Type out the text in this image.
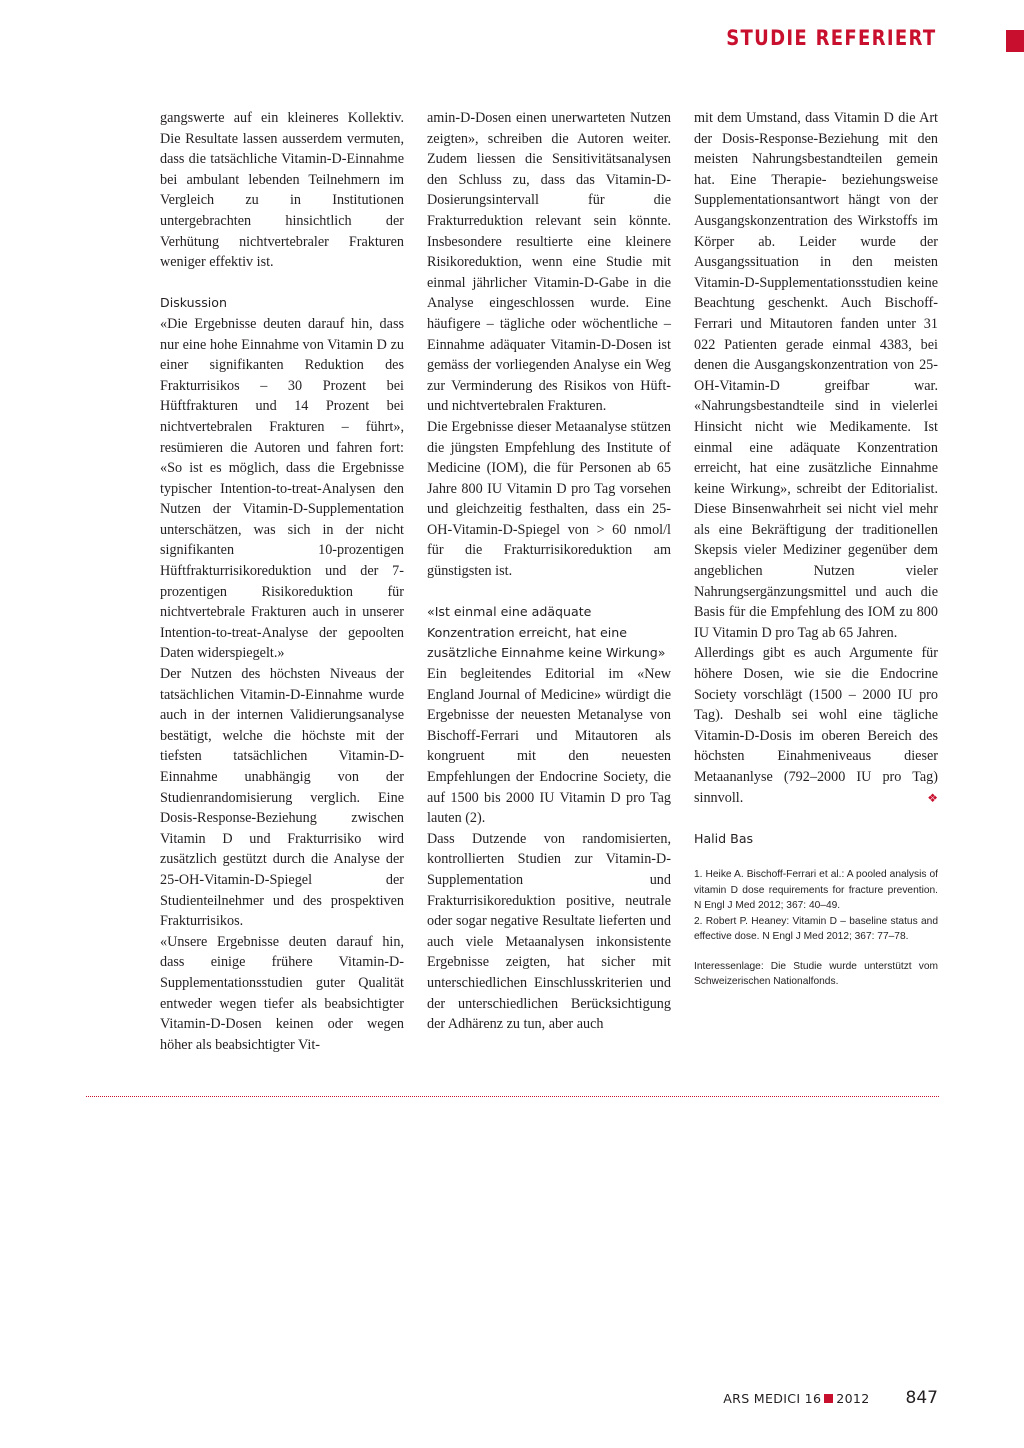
STUDIE REFERIERT

gangswerte auf ein kleineres Kollektiv. Die Resultate lassen ausserdem vermuten, dass die tatsächliche Vitamin-D-Einnahme bei ambulant lebenden Teilnehmern im Vergleich zu in Institutionen untergebrachten hinsichtlich der Verhütung nichtvertebraler Frakturen weniger effektiv ist.

Diskussion

«Die Ergebnisse deuten darauf hin, dass nur eine hohe Einnahme von Vitamin D zu einer signifikanten Reduktion des Frakturrisikos – 30 Prozent bei Hüftfrakturen und 14 Prozent bei nichtvertebralen Frakturen – führt», resümieren die Autoren und fahren fort: «So ist es möglich, dass die Ergebnisse typischer Intention-to-treat-Analysen den Nutzen der Vitamin-D-Supplementation unterschätzen, was sich in der nicht signifikanten 10-prozentigen Hüftfrakturrisikoreduktion und der 7-prozentigen Risikoreduktion für nichtvertebrale Frakturen auch in unserer Intention-to-treat-Analyse der gepoolten Daten widerspiegelt.»

Der Nutzen des höchsten Niveaus der tatsächlichen Vitamin-D-Einnahme wurde auch in der internen Validierungsanalyse bestätigt, welche die höchste mit der tiefsten tatsächlichen Vitamin-D-Einnahme unabhängig von der Studienrandomisierung verglich. Eine Dosis-Response-Beziehung zwischen Vitamin D und Frakturrisiko wird zusätzlich gestützt durch die Analyse der 25-OH-Vitamin-D-Spiegel der Studienteilnehmer und des prospektiven Frakturrisikos.

«Unsere Ergebnisse deuten darauf hin, dass einige frühere Vitamin-D-Supplementationsstudien guter Qualität entweder wegen tiefer als beabsichtigter Vitamin-D-Dosen keinen oder wegen höher als beabsichtigter Vit-

amin-D-Dosen einen unerwarteten Nutzen zeigten», schreiben die Autoren weiter. Zudem liessen die Sensitivitätsanalysen den Schluss zu, dass das Vitamin-D-Dosierungsintervall für die Frakturreduktion relevant sein könnte. Insbesondere resultierte eine kleinere Risikoreduktion, wenn eine Studie mit einmal jährlicher Vitamin-D-Gabe in die Analyse eingeschlossen wurde. Eine häufigere – tägliche oder wöchentliche – Einnahme adäquater Vitamin-D-Dosen ist gemäss der vorliegenden Analyse ein Weg zur Verminderung des Risikos von Hüft- und nichtvertebralen Frakturen.

Die Ergebnisse dieser Metaanalyse stützen die jüngsten Empfehlung des Institute of Medicine (IOM), die für Personen ab 65 Jahre 800 IU Vitamin D pro Tag vorsehen und gleichzeitig festhalten, dass ein 25-OH-Vitamin-D-Spiegel von > 60 nmol/l für die Frakturrisikoreduktion am günstigsten ist.

«Ist einmal eine adäquate Konzentration erreicht, hat eine zusätzliche Einnahme keine Wirkung»

Ein begleitendes Editorial im «New England Journal of Medicine» würdigt die Ergebnisse der neuesten Metanalyse von Bischoff-Ferrari und Mitautoren als kongruent mit den neuesten Empfehlungen der Endocrine Society, die auf 1500 bis 2000 IU Vitamin D pro Tag lauten (2).

Dass Dutzende von randomisierten, kontrollierten Studien zur Vitamin-D-Supplementation und Frakturrisikoreduktion positive, neutrale oder sogar negative Resultate lieferten und auch viele Metaanalysen inkonsistente Ergebnisse zeigten, hat sicher mit unterschiedlichen Einschlusskriterien und der unterschiedlichen Berücksichtigung der Adhärenz zu tun, aber auch

mit dem Umstand, dass Vitamin D die Art der Dosis-Response-Beziehung mit den meisten Nahrungsbestandteilen gemein hat. Eine Therapie- beziehungsweise Supplementationsantwort hängt von der Ausgangskonzentration des Wirkstoffs im Körper ab. Leider wurde der Ausgangssituation in den meisten Vitamin-D-Supplementationsstudien keine Beachtung geschenkt. Auch Bischoff-Ferrari und Mitautoren fanden unter 31 022 Patienten gerade einmal 4383, bei denen die Ausgangskonzentration von 25-OH-Vitamin-D greifbar war. «Nahrungsbestandteile sind in vielerlei Hinsicht nicht wie Medikamente. Ist einmal eine adäquate Konzentration erreicht, hat eine zusätzliche Einnahme keine Wirkung», schreibt der Editorialist. Diese Binsenwahrheit sei nicht viel mehr als eine Bekräftigung der traditionellen Skepsis vieler Mediziner gegenüber dem angeblichen Nutzen vieler Nahrungsergänzungsmittel und auch die Basis für die Empfehlung des IOM zu 800 IU Vitamin D pro Tag ab 65 Jahren.

Allerdings gibt es auch Argumente für höhere Dosen, wie sie die Endocrine Society vorschlägt (1500 – 2000 IU pro Tag). Deshalb sei wohl eine tägliche Vitamin-D-Dosis im oberen Bereich des höchsten Einahmeniveaus dieser Metaananlyse (792–2000 IU pro Tag) sinnvoll.	❖

Halid Bas

1. Heike A. Bischoff-Ferrari et al.: A pooled analysis of vitamin D dose requirements for fracture prevention. N Engl J Med 2012; 367: 40–49.

2. Robert P. Heaney: Vitamin D – baseline status and effective dose. N Engl J Med 2012; 367: 77–78.

Interessenlage: Die Studie wurde unterstützt vom Schweizerischen Nationalfonds.

ARS MEDICI 16 2012 847
